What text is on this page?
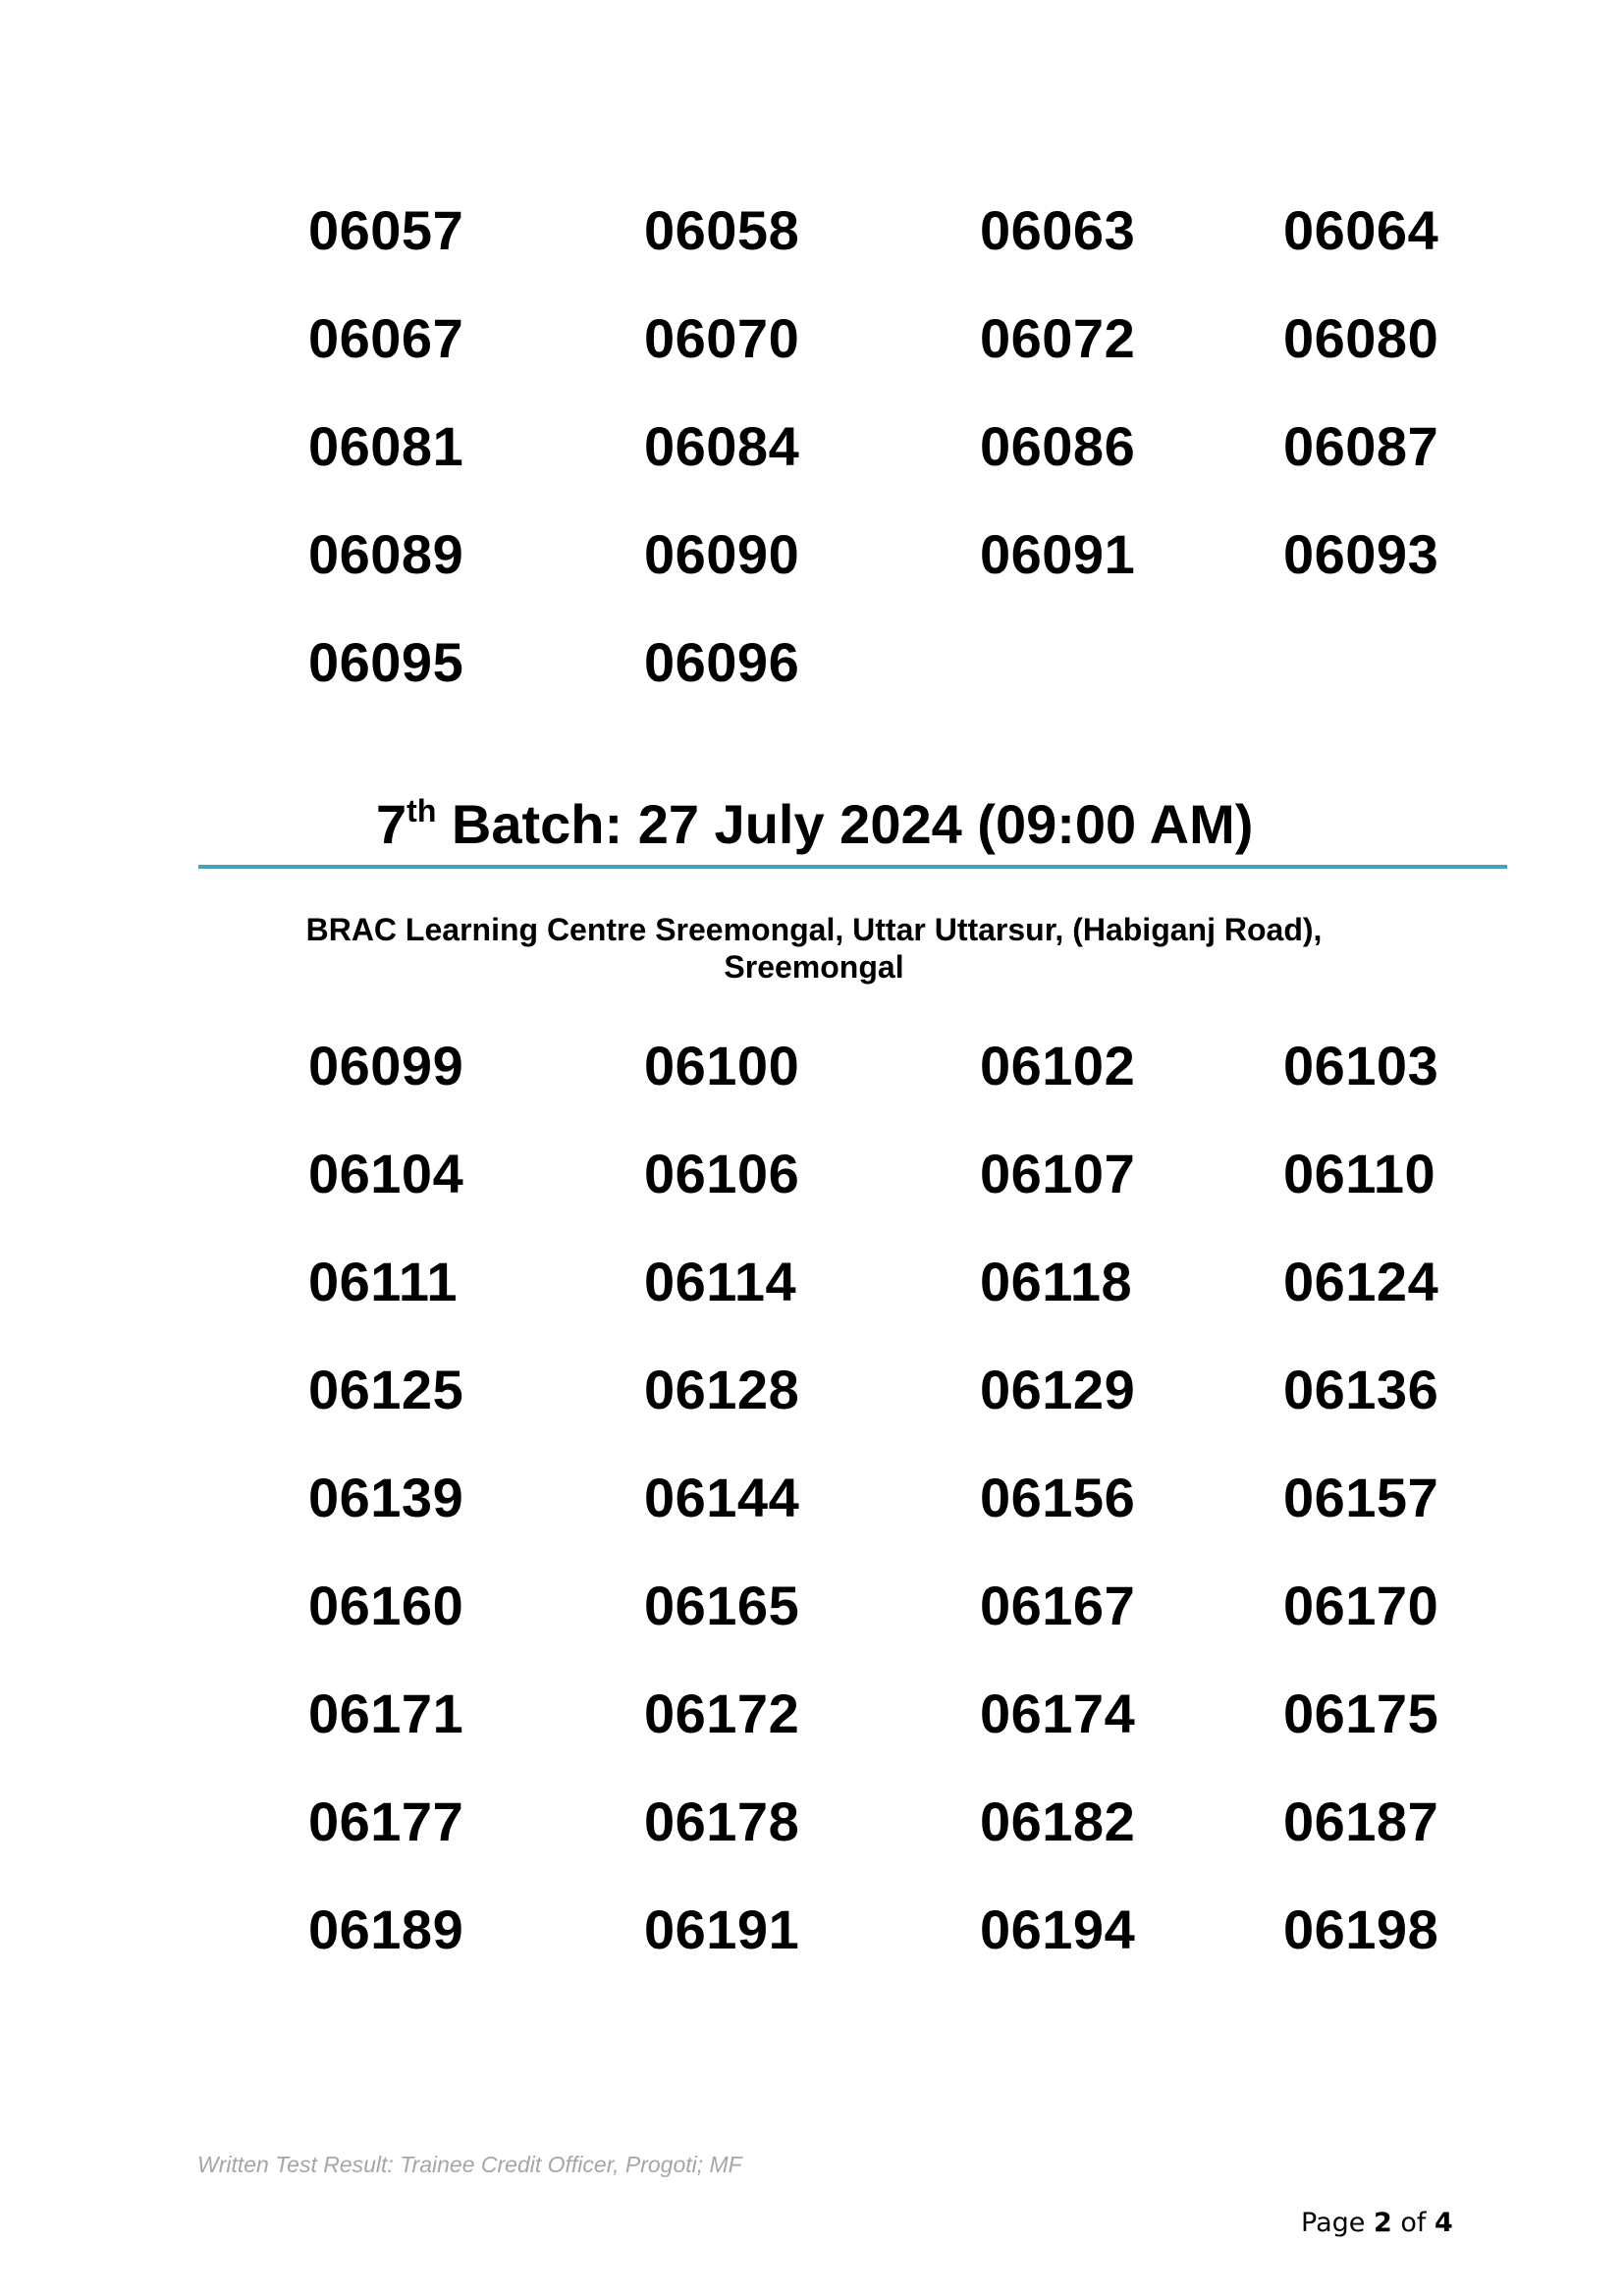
06057	06058	06063	06064
06067	06070	06072	06080
06081	06084	06086	06087
06089	06090	06091	06093
06095	06096
7th Batch: 27 July 2024 (09:00 AM)
BRAC Learning Centre Sreemongal, Uttar Uttarsur, (Habiganj Road),
Sreemongal
06099	06100	06102	06103
06104	06106	06107	06110
06111	06114	06118	06124
06125	06128	06129	06136
06139	06144	06156	06157
06160	06165	06167	06170
06171	06172	06174	06175
06177	06178	06182	06187
06189	06191	06194	06198
Written Test Result: Trainee Credit Officer, Progoti; MF
Page 2 of 4
